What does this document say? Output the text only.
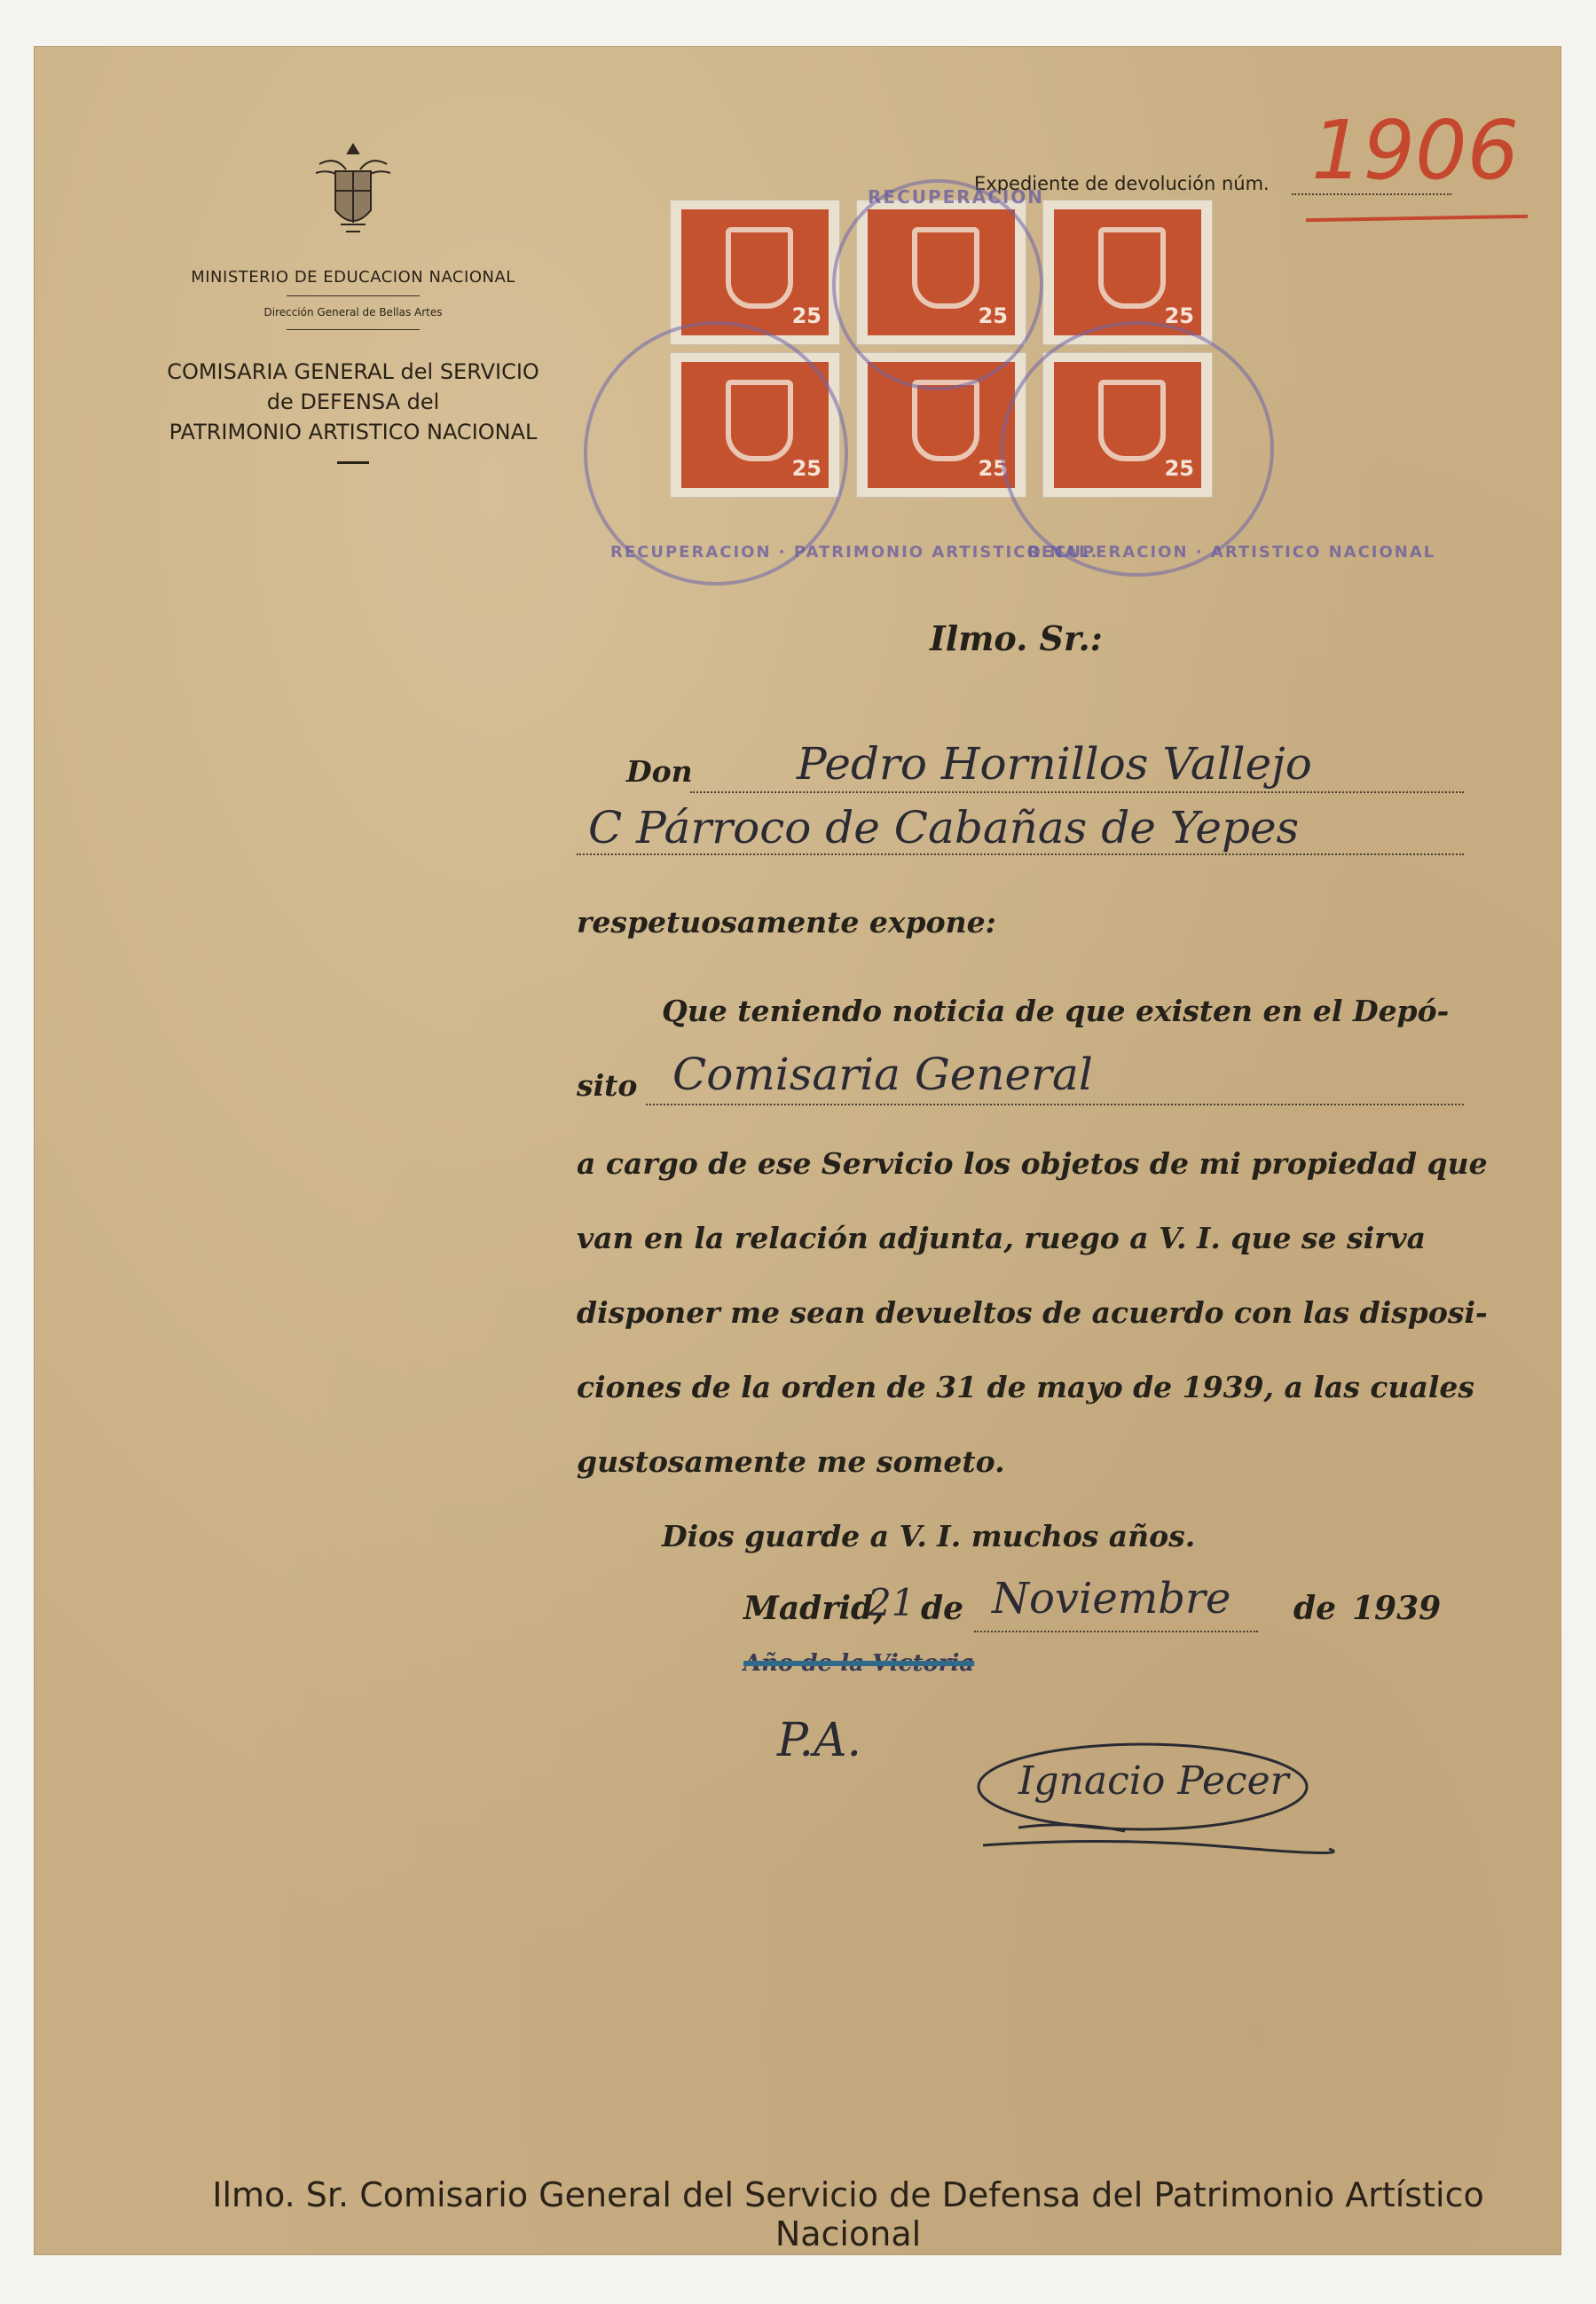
MINISTERIO DE EDUCACION NACIONAL
Dirección General de Bellas Artes
COMISARIA GENERAL del SERVICIO
de DEFENSA del
PATRIMONIO ARTISTICO NACIONAL
Expediente de devolución núm. 1906
25	25	25
25	25	25
RECUPERACION · PATRIMONIO ARTISTICO NAL.
RECUPERACION
RECUPERACION · ARTISTICO NACIONAL
Ilmo. Sr.:
Don Pedro Hornillos Vallejo
C Párroco de Cabañas de Yepes
respetuosamente expone:
Que teniendo noticia de que existen en el Depó-
sito Comisaria General
a cargo de ese Servicio los objetos de mi propiedad que
van en la relación adjunta, ruego a V. I. que se sirva
disponer me sean devueltos de acuerdo con las disposi-
ciones de la orden de 31 de mayo de 1939, a las cuales
gustosamente me someto.
Dios guarde a V. I. muchos años.
Madrid,
21 de Noviembre de 1939
Año de la Victoria
P.A.
Ignacio Pecer
Ilmo. Sr. Comisario General del Servicio de Defensa del Patrimonio Artístico Nacional
